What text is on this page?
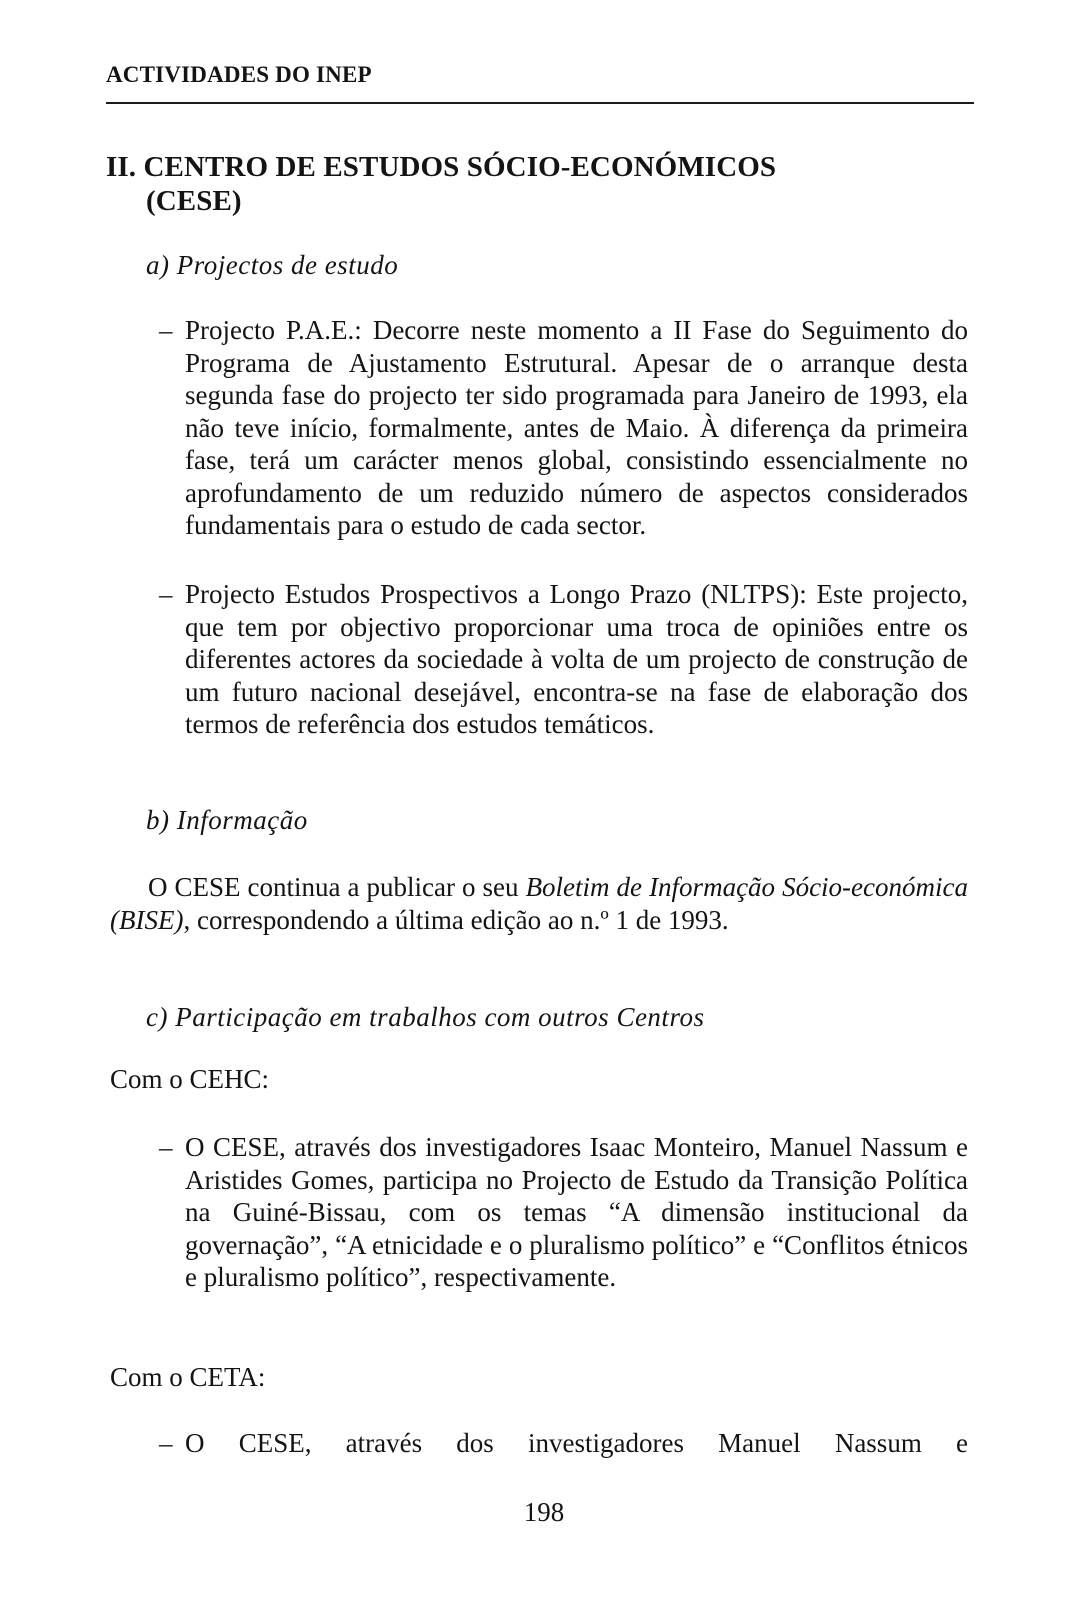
ACTIVIDADES DO INEP
II. CENTRO DE ESTUDOS SÓCIO-ECONÓMICOS
(CESE)
a) Projectos de estudo
– Projecto P.A.E.: Decorre neste momento a II Fase do Seguimento do Programa de Ajustamento Estrutural. Apesar de o arranque desta segunda fase do projecto ter sido programada para Janeiro de 1993, ela não teve início, formalmente, antes de Maio. À diferença da primeira fase, terá um carácter menos global, consistindo essencialmente no aprofundamento de um reduzido número de aspectos considerados fundamentais para o estudo de cada sector.
– Projecto Estudos Prospectivos a Longo Prazo (NLTPS): Este projecto, que tem por objectivo proporcionar uma troca de opiniões entre os diferentes actores da sociedade à volta de um projecto de construção de um futuro nacional desejável, encontra-se na fase de elaboração dos termos de referência dos estudos temáticos.
b) Informação
O CESE continua a publicar o seu Boletim de Informação Sócio-económica (BISE), correspondendo a última edição ao n.º 1 de 1993.
c) Participação em trabalhos com outros Centros
Com o CEHC:
– O CESE, através dos investigadores Isaac Monteiro, Manuel Nassum e Aristides Gomes, participa no Projecto de Estudo da Transição Política na Guiné-Bissau, com os temas “A dimensão institucional da governação”, “A etnicidade e o pluralismo político” e “Conflitos étnicos e pluralismo político”, respectivamente.
Com o CETA:
– O CESE, através dos investigadores Manuel Nassum e
198
